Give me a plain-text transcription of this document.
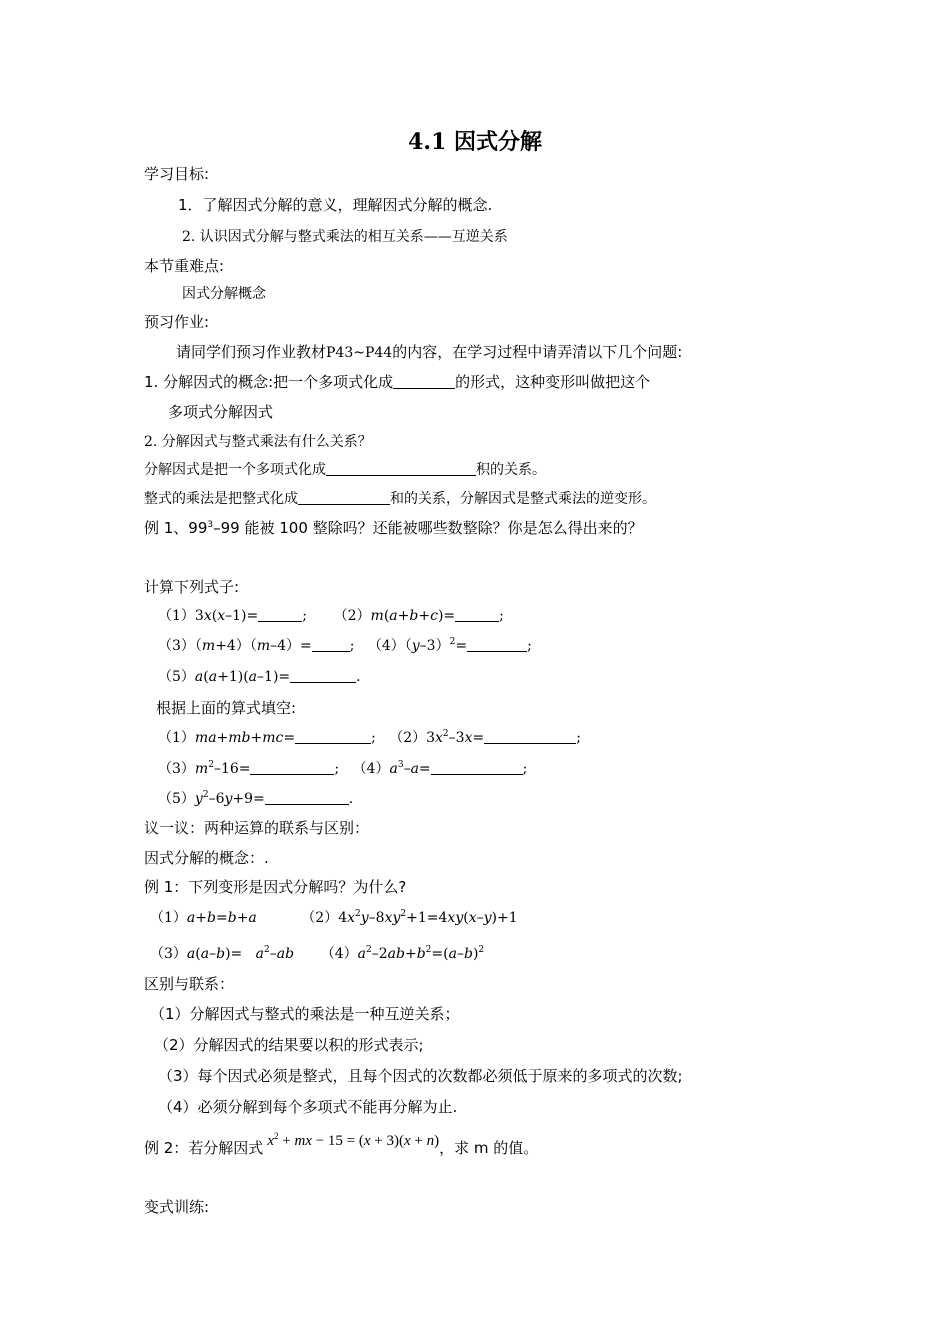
4.1 因式分解
学习目标:
1．了解因式分解的意义，理解因式分解的概念.
2. 认识因式分解与整式乘法的相互关系——互逆关系
本节重难点:
因式分解概念
预习作业:
请同学们预习作业教材P43~P44的内容，在学习过程中请弄清以下几个问题:
1. 分解因式的概念:把一个多项式化成	的形式，这种变形叫做把这个
多项式分解因式
2. 分解因式与整式乘法有什么关系？
分解因式是把一个多项式化成	积的关系。
整式的乘法是把整式化成	和的关系，分解因式是整式乘法的逆变形。
例 1、$99^3-99$ 能被 100 整除吗？还能被哪些数整除？你是怎么得出来的？
计算下列式子:
（1）3x(x–1)=	;      （2）m(a+b+c)=	;
（3）（m+4）（m–4）=	;   $(4)(y-3)^2=$	;
（5）a(a+1)(a–1)=	.
根据上面的算式填空:
（1）ma+mb+mc=	;   $(2)3x^2-3x=$	;
$(3)m^2-16=$	;   $(4)a^3-a=$	;
$(5)y^2-6y+9=$	.
议一议：两种运算的联系与区别：
因式分解的概念：.
例 1：下列变形是因式分解吗？为什么?
（1）a+b=b+a          $(2)4x^2y-8xy^2+1=4xy(x-y)+1$
$(3)a(a-b)= a^2-ab$      $(4)a^2-2ab+b^2=(a-b)^2$
区别与联系：
（1）分解因式与整式的乘法是一种互逆关系；
（2）分解因式的结果要以积的形式表示;
（3）每个因式必须是整式，且每个因式的次数都必须低于原来的多项式的次数;
（4）必须分解到每个多项式不能再分解为止.
例 2：若分解因式 $x^2$ + mx − 15 = (x + 3)(x + n)，求 m 的值。
变式训练:
